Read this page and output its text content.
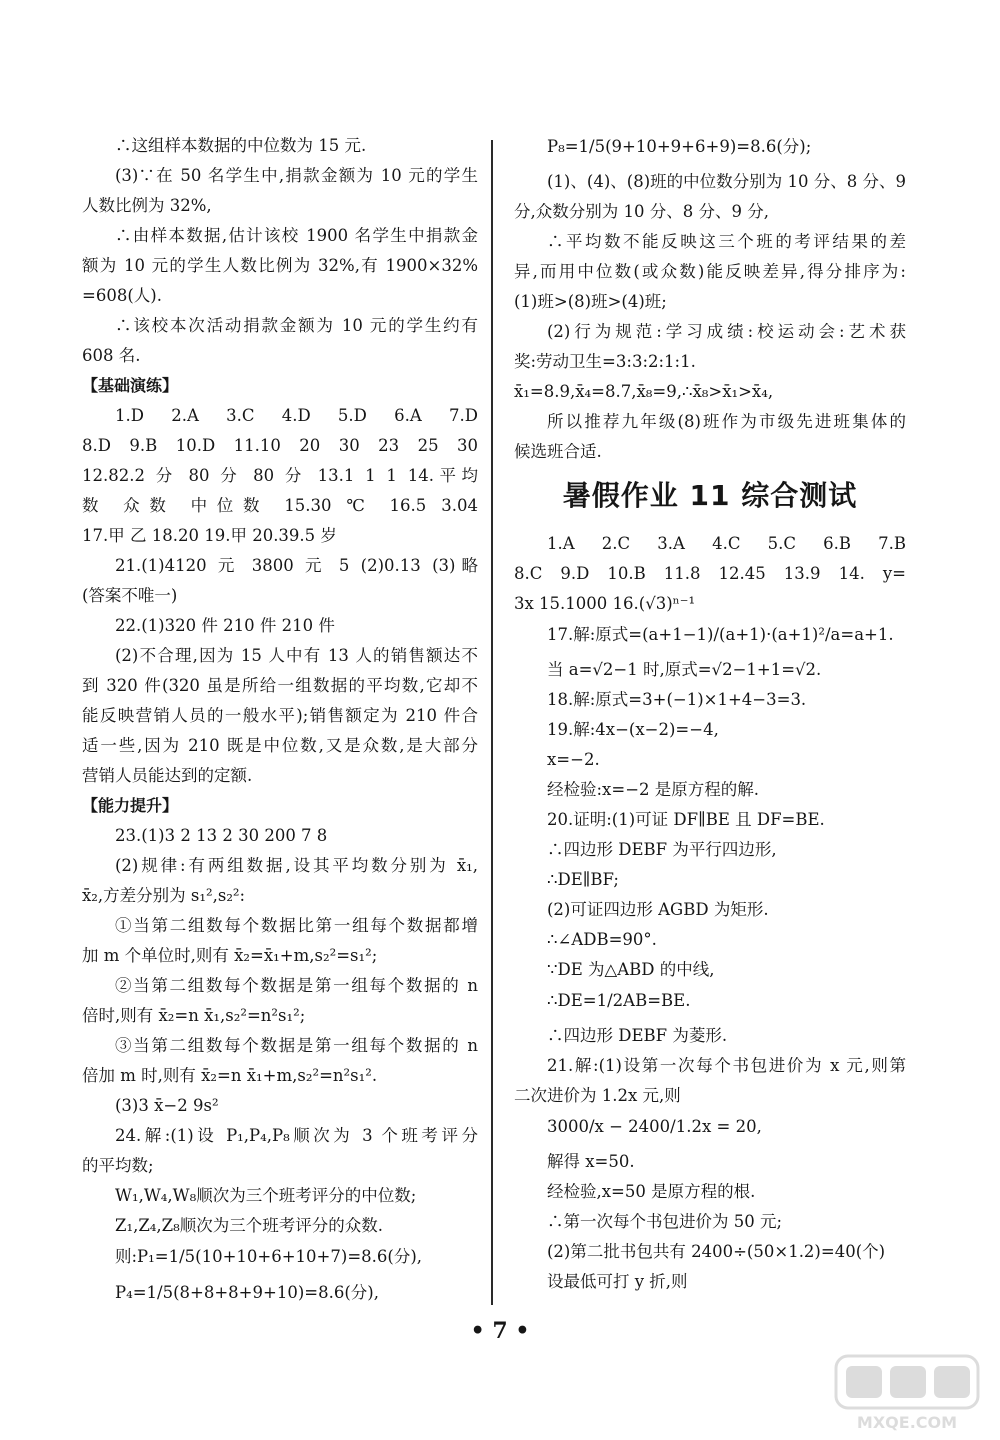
∴这组样本数据的中位数为 15 元.
(3)∵在 50 名学生中,捐款金额为 10 元的学生
人数比例为 32%,
∴由样本数据,估计该校 1900 名学生中捐款金
额为 10 元的学生人数比例为 32%,有 1900×32%
=608(人).
∴该校本次活动捐款金额为 10 元的学生约有
608 名.
【基础演练】
1.D 2.A 3.C 4.D 5.D 6.A 7.D
8.D 9.B 10.D 11.10 20 30 23 25 30
12.82.2 分 80 分 80 分 13.1 1 1 14.平均
数 众数 中位数 15.30 ℃ 16.5 3.04
17.甲 乙 18.20 19.甲 20.39.5 岁
21.(1)4120 元 3800 元 5 (2)0.13 (3)略
(答案不唯一)
22.(1)320 件 210 件 210 件
(2)不合理,因为 15 人中有 13 人的销售额达不
到 320 件(320 虽是所给一组数据的平均数,它却不
能反映营销人员的一般水平);销售额定为 210 件合
适一些,因为 210 既是中位数,又是众数,是大部分
营销人员能达到的定额.
【能力提升】
23.(1)3 2 13 2 30 200 7 8
(2)规律:有两组数据,设其平均数分别为 x̄₁,
x̄₂,方差分别为 s₁²,s₂²:
①当第二组数每个数据比第一组每个数据都增
加 m 个单位时,则有 x̄₂=x̄₁+m,s₂²=s₁²;
②当第二组数每个数据是第一组每个数据的 n
倍时,则有 x̄₂=n x̄₁,s₂²=n²s₁²;
③当第二组数每个数据是第一组每个数据的 n
倍加 m 时,则有 x̄₂=n x̄₁+m,s₂²=n²s₁².
(3)3 x̄−2 9s²
24.解:(1)设 P₁,P₄,P₈顺次为 3 个班考评分
的平均数;
W₁,W₄,W₈顺次为三个班考评分的中位数;
Z₁,Z₄,Z₈顺次为三个班考评分的众数.
则:P₁=1/5(10+10+6+10+7)=8.6(分),
P₄=1/5(8+8+8+9+10)=8.6(分),
P₈=1/5(9+10+9+6+9)=8.6(分);
(1)、(4)、(8)班的中位数分别为 10 分、8 分、9
分,众数分别为 10 分、8 分、9 分,
∴平均数不能反映这三个班的考评结果的差
异,而用中位数(或众数)能反映差异,得分排序为:
(1)班>(8)班>(4)班;
(2)行为规范:学习成绩:校运动会:艺术获
奖:劳动卫生=3:3:2:1:1.
x̄₁=8.9,x̄₄=8.7,x̄₈=9,∴x̄₈>x̄₁>x̄₄,
所以推荐九年级(8)班作为市级先进班集体的
候选班合适.
暑假作业 11 综合测试
1.A 2.C 3.A 4.C 5.C 6.B 7.B
8.C 9.D 10.B 11.8 12.45 13.9 14. y=
3x 15.1000 16.(√3)ⁿ⁻¹
17.解:原式=(a+1−1)/(a+1)·(a+1)²/a=a+1.
当 a=√2−1 时,原式=√2−1+1=√2.
18.解:原式=3+(−1)×1+4−3=3.
19.解:4x−(x−2)=−4,
x=−2.
经检验:x=−2 是原方程的解.
20.证明:(1)可证 DF∥BE 且 DF=BE.
∴四边形 DEBF 为平行四边形,
∴DE∥BF;
(2)可证四边形 AGBD 为矩形.
∴∠ADB=90°.
∵DE 为△ABD 的中线,
∴DE=1/2AB=BE.
∴四边形 DEBF 为菱形.
21.解:(1)设第一次每个书包进价为 x 元,则第
二次进价为 1.2x 元,则
3000/x − 2400/1.2x = 20,
解得 x=50.
经检验,x=50 是原方程的根.
∴第一次每个书包进价为 50 元;
(2)第二批书包共有 2400÷(50×1.2)=40(个)
设最低可打 y 折,则
• 7 •
MXQE.COM
